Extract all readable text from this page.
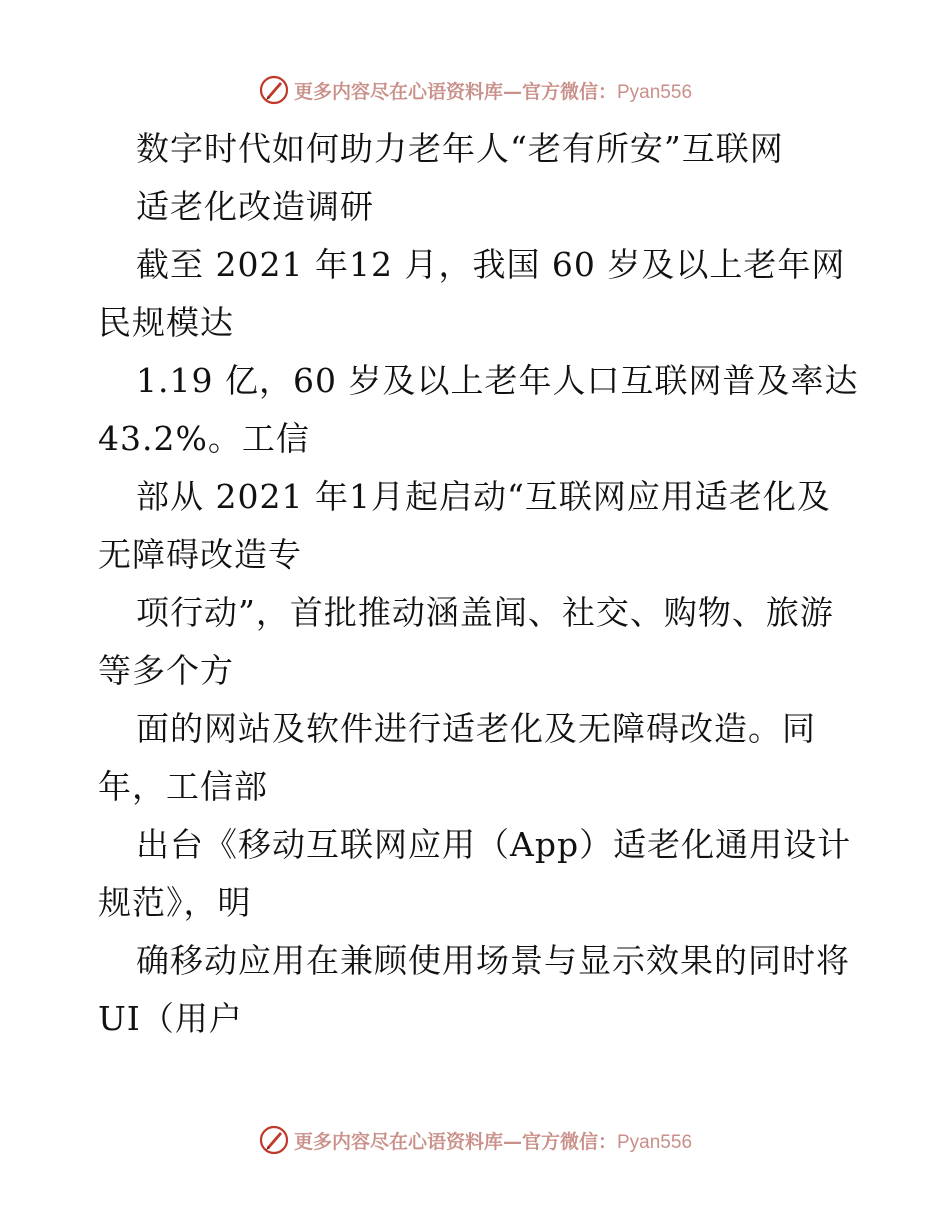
更多内容尽在心语资料库—官方微信：Pyan556
数字时代如何助力老年人“老有所安”互联网
适老化改造调研
截至 2021 年12 月，我国 60 岁及以上老年网
民规模达
1.19 亿，60 岁及以上老年人口互联网普及率达
43.2%。工信
部从 2021 年1月起启动“互联网应用适老化及
无障碍改造专
项行动”，首批推动涵盖闻、社交、购物、旅游
等多个方
面的网站及软件进行适老化及无障碍改造。同
年，工信部
出台《移动互联网应用（App）适老化通用设计
规范》，明
确移动应用在兼顾使用场景与显示效果的同时将
UI（用户
更多内容尽在心语资料库—官方微信：Pyan556
